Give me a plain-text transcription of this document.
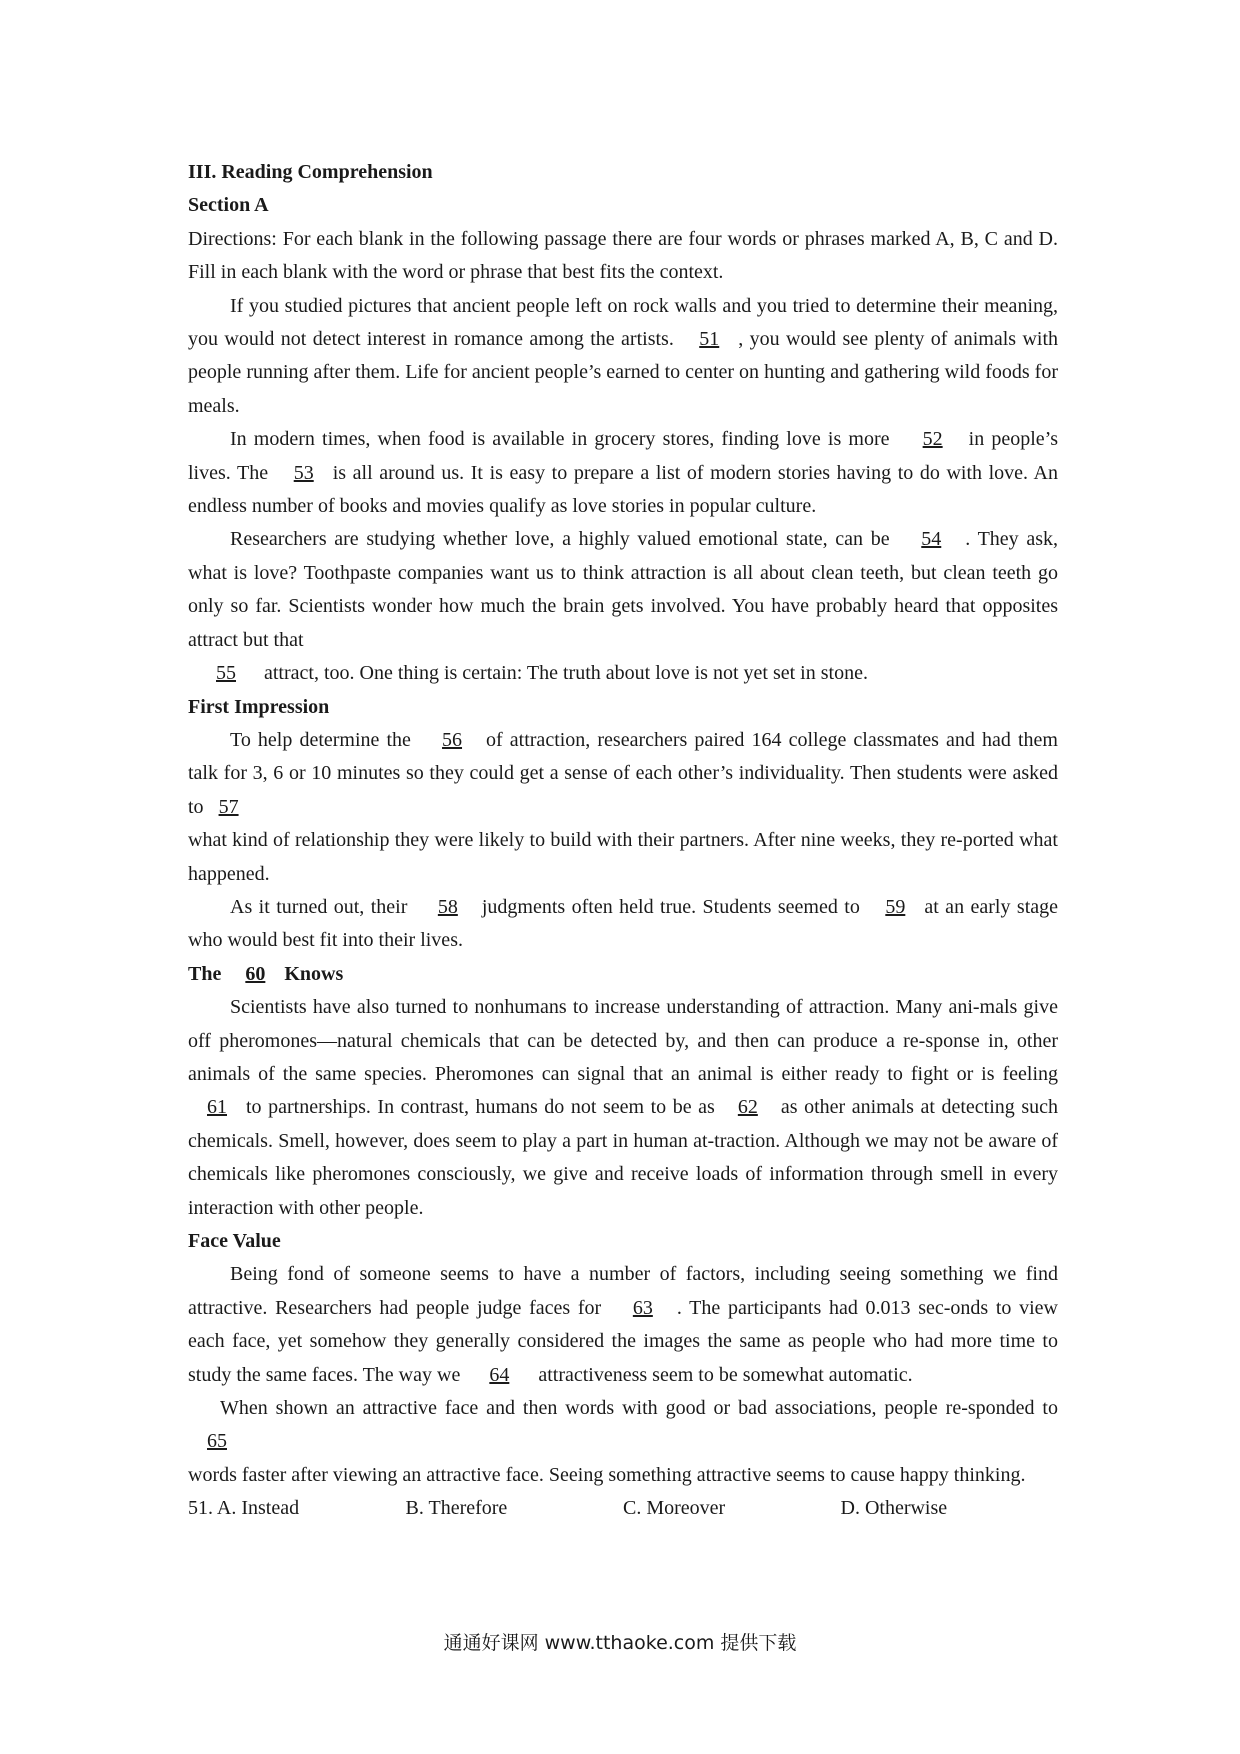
III. Reading Comprehension

Section A

Directions: For each blank in the following passage there are four words or phrases marked A, B, C and D. Fill in each blank with the word or phrase that best fits the context.

If you studied pictures that ancient people left on rock walls and you tried to determine their meaning, you would not detect interest in romance among the artists. 51 , you would see plenty of animals with people running after them. Life for ancient people’s earned to center on hunting and gathering wild foods for meals.

In modern times, when food is available in grocery stores, finding love is more 52 in people’s lives. The 53 is all around us. It is easy to prepare a list of modern stories having to do with love. An endless number of books and movies qualify as love stories in popular culture.

Researchers are studying whether love, a highly valued emotional state, can be 54 . They ask, what is love? Toothpaste companies want us to think attraction is all about clean teeth, but clean teeth go only so far. Scientists wonder how much the brain gets involved. You have probably heard that opposites attract but that

55 attract, too. One thing is certain: The truth about love is not yet set in stone.

First Impression

To help determine the 56 of attraction, researchers paired 164 college classmates and had them talk for 3, 6 or 10 minutes so they could get a sense of each other’s individuality. Then students were asked to 57

what kind of relationship they were likely to build with their partners. After nine weeks, they re-ported what happened.

As it turned out, their 58 judgments often held true. Students seemed to 59 at an early stage who would best fit into their lives.

The 60 Knows

Scientists have also turned to nonhumans to increase understanding of attraction. Many ani-mals give off pheromones—natural chemicals that can be detected by, and then can produce a re-sponse in, other animals of the same species. Pheromones can signal that an animal is either ready to fight or is feeling 61 to partnerships. In contrast, humans do not seem to be as 62 as other animals at detecting such chemicals. Smell, however, does seem to play a part in human at-traction. Although we may not be aware of chemicals like pheromones consciously, we give and receive loads of information through smell in every interaction with other people.

Face Value

Being fond of someone seems to have a number of factors, including seeing something we find attractive. Researchers had people judge faces for 63 . The participants had 0.013 sec-onds to view each face, yet somehow they generally considered the images the same as people who had more time to study the same faces. The way we 64 attractiveness seem to be somewhat automatic.

When shown an attractive face and then words with good or bad associations, people re-sponded to 65

words faster after viewing an attractive face. Seeing something attractive seems to cause happy thinking.

51. A. Instead	B. Therefore	C. Moreover	D. Otherwise
通通好课网 www.tthaoke.com 提供下载
